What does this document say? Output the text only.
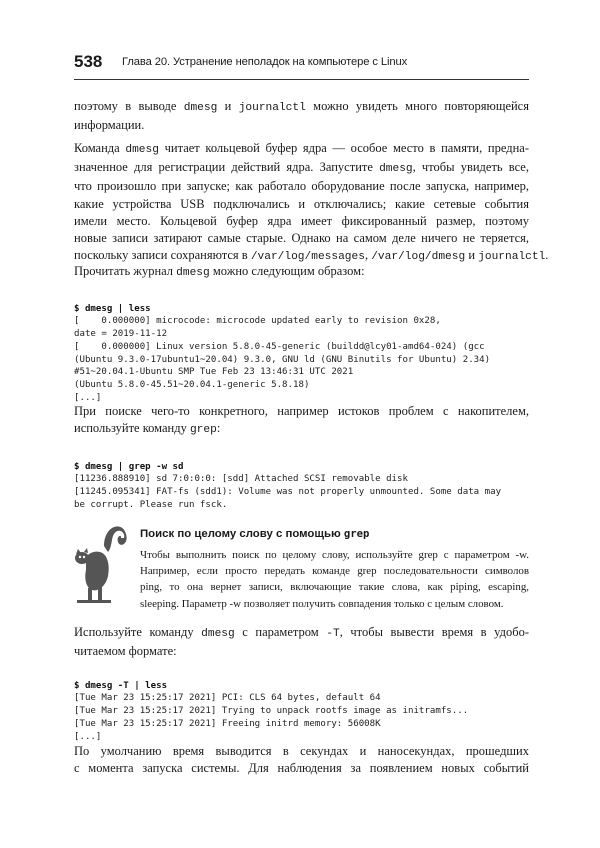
538 Глава 20. Устранение неполадок на компьютере с Linux
поэтому в выводе dmesg и journalctl можно увидеть много повторяющейся
информации.
Команда dmesg читает кольцевой буфер ядра — особое место в памяти, предна-
значенное для регистрации действий ядра. Запустите dmesg, чтобы увидеть все,
что произошло при запуске; как работало оборудование после запуска, например,
какие устройства USB подключались и отключались; какие сетевые события
имели место. Кольцевой буфер ядра имеет фиксированный размер, поэтому
новые записи затирают самые старые. Однако на самом деле ничего не теряется,
поскольку записи сохраняются в /var/log/messages, /var/log/dmesg и journalctl.
Прочитать журнал dmesg можно следующим образом:

$ dmesg | less
[    0.000000] microcode: microcode updated early to revision 0x28,
date = 2019-11-12
[    0.000000] Linux version 5.8.0-45-generic (buildd@lcy01-amd64-024) (gcc
(Ubuntu 9.3.0-17ubuntu1~20.04) 9.3.0, GNU ld (GNU Binutils for Ubuntu) 2.34)
#51~20.04.1-Ubuntu SMP Tue Feb 23 13:46:31 UTC 2021
(Ubuntu 5.8.0-45.51~20.04.1-generic 5.8.18)
[...]

При поиске чего-то конкретного, например истоков проблем с накопителем,
используйте команду grep:

$ dmesg | grep -w sd
[11236.888910] sd 7:0:0:0: [sdd] Attached SCSI removable disk
[11245.095341] FAT-fs (sdd1): Volume was not properly unmounted. Some data may
be corrupt. Please run fsck.

Поиск по целому слову с помощью grep
Чтобы выполнить поиск по целому слову, используйте grep с параметром -w.
Например, если просто передать команде grep последовательности символов
ping, то она вернет записи, включающие такие слова, как piping, escaping,
sleeping. Параметр -w позволяет получить совпадения только с целым словом.
Используйте команду dmesg с параметром -T, чтобы вывести время в удобо-
читаемом формате:

$ dmesg -T | less
[Tue Mar 23 15:25:17 2021] PCI: CLS 64 bytes, default 64
[Tue Mar 23 15:25:17 2021] Trying to unpack rootfs image as initramfs...
[Tue Mar 23 15:25:17 2021] Freeing initrd memory: 56008K
[...]

По умолчанию время выводится в секундах и наносекундах, прошедших
с момента запуска системы. Для наблюдения за появлением новых событий
